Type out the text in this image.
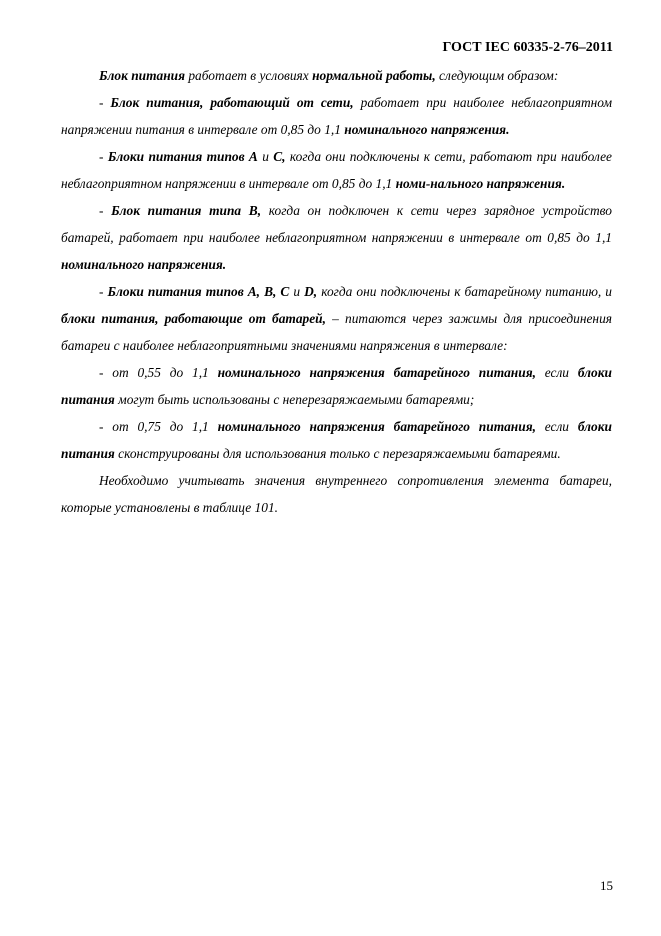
ГОСТ IEC 60335-2-76–2011

Блок питания работает в условиях нормальной работы, следующим образом:

- Блок питания, работающий от сети, работает при наиболее неблагоприятном напряжении питания в интервале от 0,85 до 1,1 номинального напряжения.

- Блоки питания типов А и С, когда они подключены к сети, работают при наиболее неблагоприятном напряжении в интервале от 0,85 до 1,1 номи-нального напряжения.

- Блок питания типа В, когда он подключен к сети через зарядное устройство батарей, работает при наиболее неблагоприятном напряжении в интервале от 0,85 до 1,1 номинального напряжения.

- Блоки питания типов А, В, С и D, когда они подключены к батарейному питанию, и блоки питания, работающие от батарей, – питаются через зажимы для присоединения батареи с наиболее неблагоприятными значениями напряжения в интервале:

- от 0,55 до 1,1 номинального напряжения батарейного питания, если блоки питания могут быть использованы с неперезаряжаемыми батареями;

- от 0,75 до 1,1 номинального напряжения батарейного питания, если блоки питания сконструированы для использования только с перезаряжаемыми батареями.

Необходимо учитывать значения внутреннего сопротивления элемента батареи, которые установлены в таблице 101.

15
